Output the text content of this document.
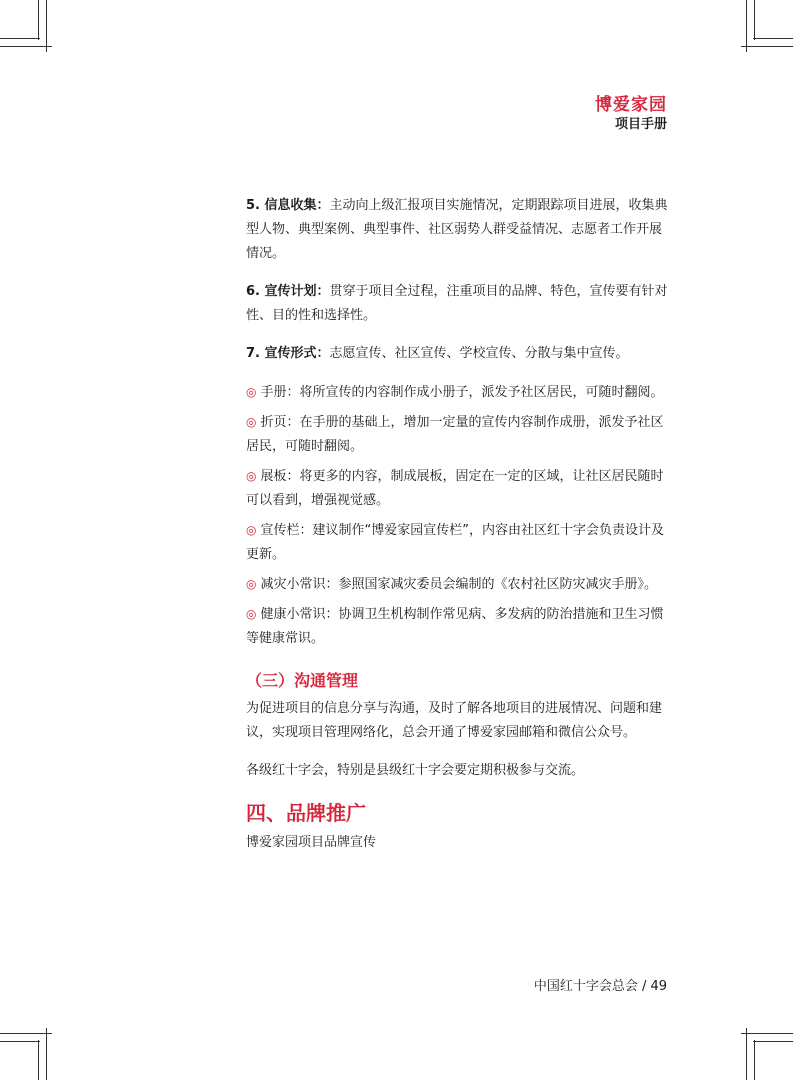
博爱家园
项目手册

5. 信息收集：主动向上级汇报项目实施情况，定期跟踪项目进展，收集典型人物、典型案例、典型事件、社区弱势人群受益情况、志愿者工作开展情况。

6. 宣传计划：贯穿于项目全过程，注重项目的品牌、特色，宣传要有针对性、目的性和选择性。

7. 宣传形式：志愿宣传、社区宣传、学校宣传、分散与集中宣传。

◎ 手册：将所宣传的内容制作成小册子，派发予社区居民，可随时翻阅。
◎ 折页：在手册的基础上，增加一定量的宣传内容制作成册，派发予社区居民，可随时翻阅。
◎ 展板：将更多的内容，制成展板，固定在一定的区域，让社区居民随时可以看到，增强视觉感。
◎ 宣传栏：建议制作“博爱家园宣传栏”，内容由社区红十字会负责设计及更新。
◎ 减灾小常识：参照国家减灾委员会编制的《农村社区防灾减灾手册》。
◎ 健康小常识：协调卫生机构制作常见病、多发病的防治措施和卫生习惯等健康常识。
（三）沟通管理

为促进项目的信息分享与沟通，及时了解各地项目的进展情况、问题和建议，实现项目管理网络化，总会开通了博爱家园邮箱和微信公众号。

各级红十字会，特别是县级红十字会要定期积极参与交流。

四、品牌推广

博爱家园项目品牌宣传

中国红十字会总会 / 49
